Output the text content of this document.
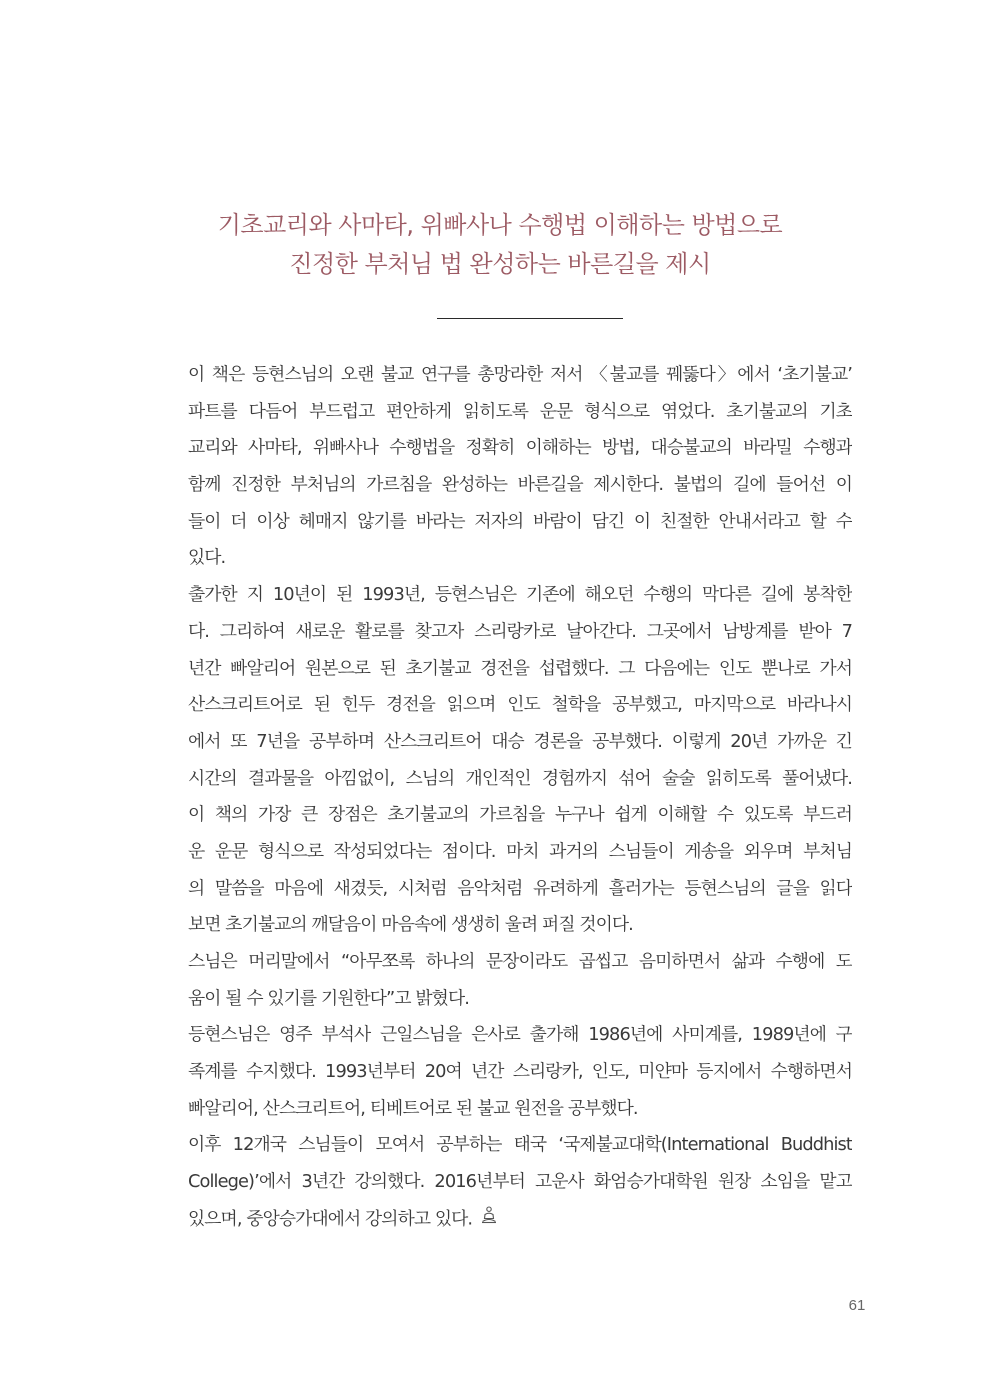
기초교리와 사마타, 위빠사나 수행법 이해하는 방법으로
진정한 부처님 법 완성하는 바른길을 제시
이 책은 등현스님의 오랜 불교 연구를 총망라한 저서 〈불교를 꿰뚫다〉에서 ‘초기불교’
파트를 다듬어 부드럽고 편안하게 읽히도록 운문 형식으로 엮었다. 초기불교의 기초
교리와 사마타, 위빠사나 수행법을 정확히 이해하는 방법, 대승불교의 바라밀 수행과
함께 진정한 부처님의 가르침을 완성하는 바른길을 제시한다. 불법의 길에 들어선 이
들이 더 이상 헤매지 않기를 바라는 저자의 바람이 담긴 이 친절한 안내서라고 할 수
있다.
출가한 지 10년이 된 1993년, 등현스님은 기존에 해오던 수행의 막다른 길에 봉착한
다. 그리하여 새로운 활로를 찾고자 스리랑카로 날아간다. 그곳에서 남방계를 받아 7
년간 빠알리어 원본으로 된 초기불교 경전을 섭렵했다. 그 다음에는 인도 뿐나로 가서
산스크리트어로 된 힌두 경전을 읽으며 인도 철학을 공부했고, 마지막으로 바라나시
에서 또 7년을 공부하며 산스크리트어 대승 경론을 공부했다. 이렇게 20년 가까운 긴
시간의 결과물을 아낌없이, 스님의 개인적인 경험까지 섞어 술술 읽히도록 풀어냈다.
이 책의 가장 큰 장점은 초기불교의 가르침을 누구나 쉽게 이해할 수 있도록 부드러
운 운문 형식으로 작성되었다는 점이다. 마치 과거의 스님들이 게송을 외우며 부처님
의 말씀을 마음에 새겼듯, 시처럼 음악처럼 유려하게 흘러가는 등현스님의 글을 읽다
보면 초기불교의 깨달음이 마음속에 생생히 울려 퍼질 것이다.
스님은 머리말에서 “아무쪼록 하나의 문장이라도 곱씹고 음미하면서 삶과 수행에 도
움이 될 수 있기를 기원한다”고 밝혔다.
등현스님은 영주 부석사 근일스님을 은사로 출가해 1986년에 사미계를, 1989년에 구
족계를 수지했다. 1993년부터 20여 년간 스리랑카, 인도, 미얀마 등지에서 수행하면서
빠알리어, 산스크리트어, 티베트어로 된 불교 원전을 공부했다.
이후 12개국 스님들이 모여서 공부하는 태국 ‘국제불교대학(International Buddhist
College)’에서 3년간 강의했다. 2016년부터 고운사 화엄승가대학원 원장 소임을 맡고
있으며, 중앙승가대에서 강의하고 있다.
61
